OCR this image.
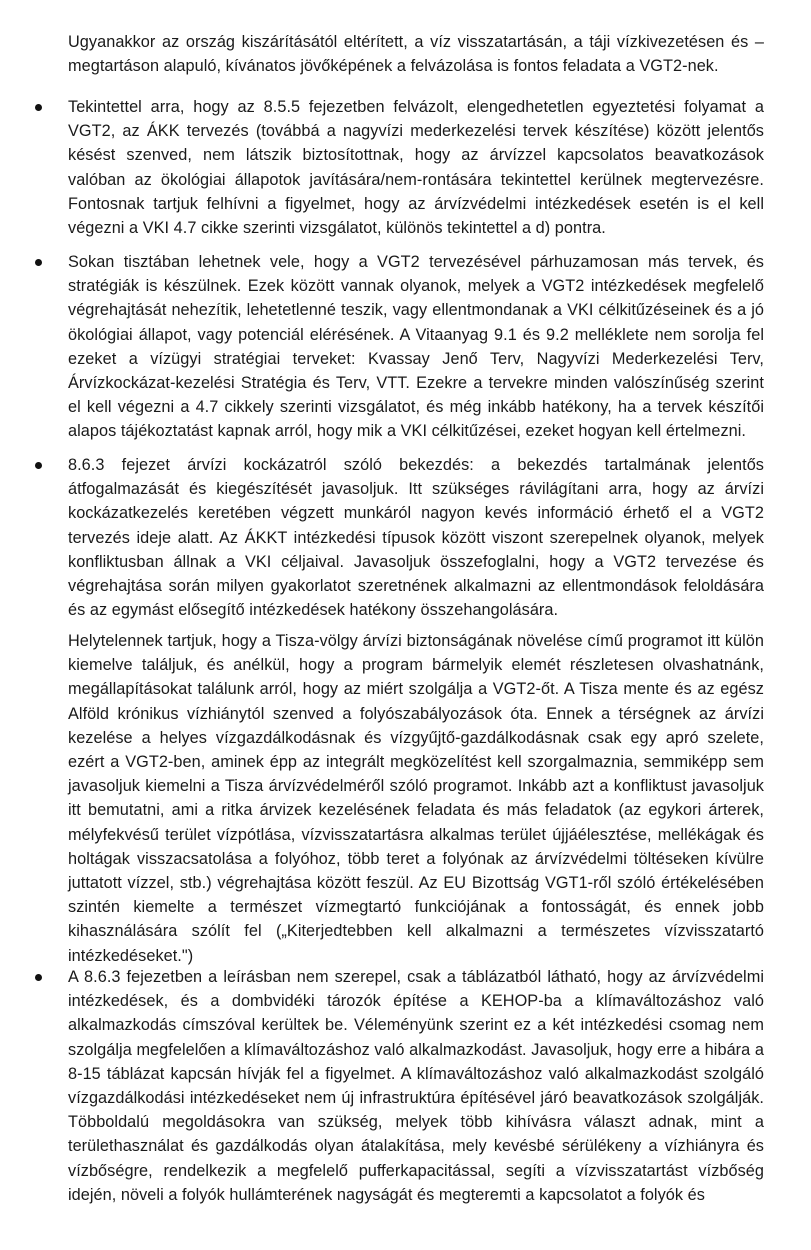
Ugyanakkor az ország kiszárításától eltérített, a víz visszatartásán, a táji vízkivezetésen és – megtartáson alapuló, kívánatos jövőképének a felvázolása is fontos feladata a VGT2-nek.

Tekintettel arra, hogy az 8.5.5 fejezetben felvázolt, elengedhetetlen egyeztetési folyamat a VGT2, az ÁKK tervezés (továbbá a nagyvízi mederkezelési tervek készítése) között jelentős késést szenved, nem látszik biztosítottnak, hogy az árvízzel kapcsolatos beavatkozások valóban az ökológiai állapotok javítására/nem-rontására tekintettel kerülnek megtervezésre. Fontosnak tartjuk felhívni a figyelmet, hogy az árvízvédelmi intézkedések esetén is el kell végezni a VKI 4.7 cikke szerinti vizsgálatot, különös tekintettel a d) pontra.

Sokan tisztában lehetnek vele, hogy a VGT2 tervezésével párhuzamosan más tervek, és stratégiák is készülnek. Ezek között vannak olyanok, melyek a VGT2 intézkedések megfelelő végrehajtását nehezítik, lehetetlenné teszik, vagy ellentmondanak a VKI célkitűzéseinek és a jó ökológiai állapot, vagy potenciál elérésének. A Vitaanyag 9.1 és 9.2 melléklete nem sorolja fel ezeket a vízügyi stratégiai terveket: Kvassay Jenő Terv, Nagyvízi Mederkezelési Terv, Árvízkockázat-kezelési Stratégia és Terv, VTT. Ezekre a tervekre minden valószínűség szerint el kell végezni a 4.7 cikkely szerinti vizsgálatot, és még inkább hatékony, ha a tervek készítői alapos tájékoztatást kapnak arról, hogy mik a VKI célkitűzései, ezeket hogyan kell értelmezni.

8.6.3 fejezet árvízi kockázatról szóló bekezdés: a bekezdés tartalmának jelentős átfogalmazását és kiegészítését javasoljuk. Itt szükséges rávilágítani arra, hogy az árvízi kockázatkezelés keretében végzett munkáról nagyon kevés információ érhető el a VGT2 tervezés ideje alatt. Az ÁKKT intézkedési típusok között viszont szerepelnek olyanok, melyek konfliktusban állnak a VKI céljaival. Javasoljuk összefoglalni, hogy a VGT2 tervezése és végrehajtása során milyen gyakorlatot szeretnének alkalmazni az ellentmondások feloldására és az egymást elősegítő intézkedések hatékony összehangolására.

Helytelennek tartjuk, hogy a Tisza-völgy árvízi biztonságának növelése című programot itt külön kiemelve találjuk, és anélkül, hogy a program bármelyik elemét részletesen olvashatnánk, megállapításokat találunk arról, hogy az miért szolgálja a VGT2-őt. A Tisza mente és az egész Alföld krónikus vízhiánytól szenved a folyószabályozások óta. Ennek a térségnek az árvízi kezelése a helyes vízgazdálkodásnak és vízgyűjtő-gazdálkodásnak csak egy apró szelete, ezért a VGT2-ben, aminek épp az integrált megközelítést kell szorgalmaznia, semmiképp sem javasoljuk kiemelni a Tisza árvízvédelméről szóló programot. Inkább azt a konfliktust javasoljuk itt bemutatni, ami a ritka árvizek kezelésének feladata és más feladatok (az egykori árterek, mélyfekvésű terület vízpótlása, vízvisszatartásra alkalmas terület újjáélesztése, mellékágak és holtágak visszacsatolása a folyóhoz, több teret a folyónak az árvízvédelmi töltéseken kívülre juttatott vízzel, stb.) végrehajtása között feszül. Az EU Bizottság VGT1-ről szóló értékelésében szintén kiemelte a természet vízmegtartó funkciójának a fontosságát, és ennek jobb kihasználására szólít fel („Kiterjedtebben kell alkalmazni a természetes vízvisszatartó intézkedéseket.")

A 8.6.3 fejezetben a leírásban nem szerepel, csak a táblázatból látható, hogy az árvízvédelmi intézkedések, és a dombvidéki tározók építése a KEHOP-ba a klímaváltozáshoz való alkalmazkodás címszóval kerültek be. Véleményünk szerint ez a két intézkedési csomag nem szolgálja megfelelően a klímaváltozáshoz való alkalmazkodást. Javasoljuk, hogy erre a hibára a 8-15 táblázat kapcsán hívják fel a figyelmet. A klímaváltozáshoz való alkalmazkodást szolgáló vízgazdálkodási intézkedéseket nem új infrastruktúra építésével járó beavatkozások szolgálják. Többoldalú megoldásokra van szükség, melyek több kihívásra választ adnak, mint a területhasználat és gazdálkodás olyan átalakítása, mely kevésbé sérülékeny a vízhiányra és vízbőségre, rendelkezik a megfelelő pufferkapacitással, segíti a vízvisszatartást vízbőség idején, növeli a folyók hullámterének nagyságát és megteremti a kapcsolatot a folyók és
